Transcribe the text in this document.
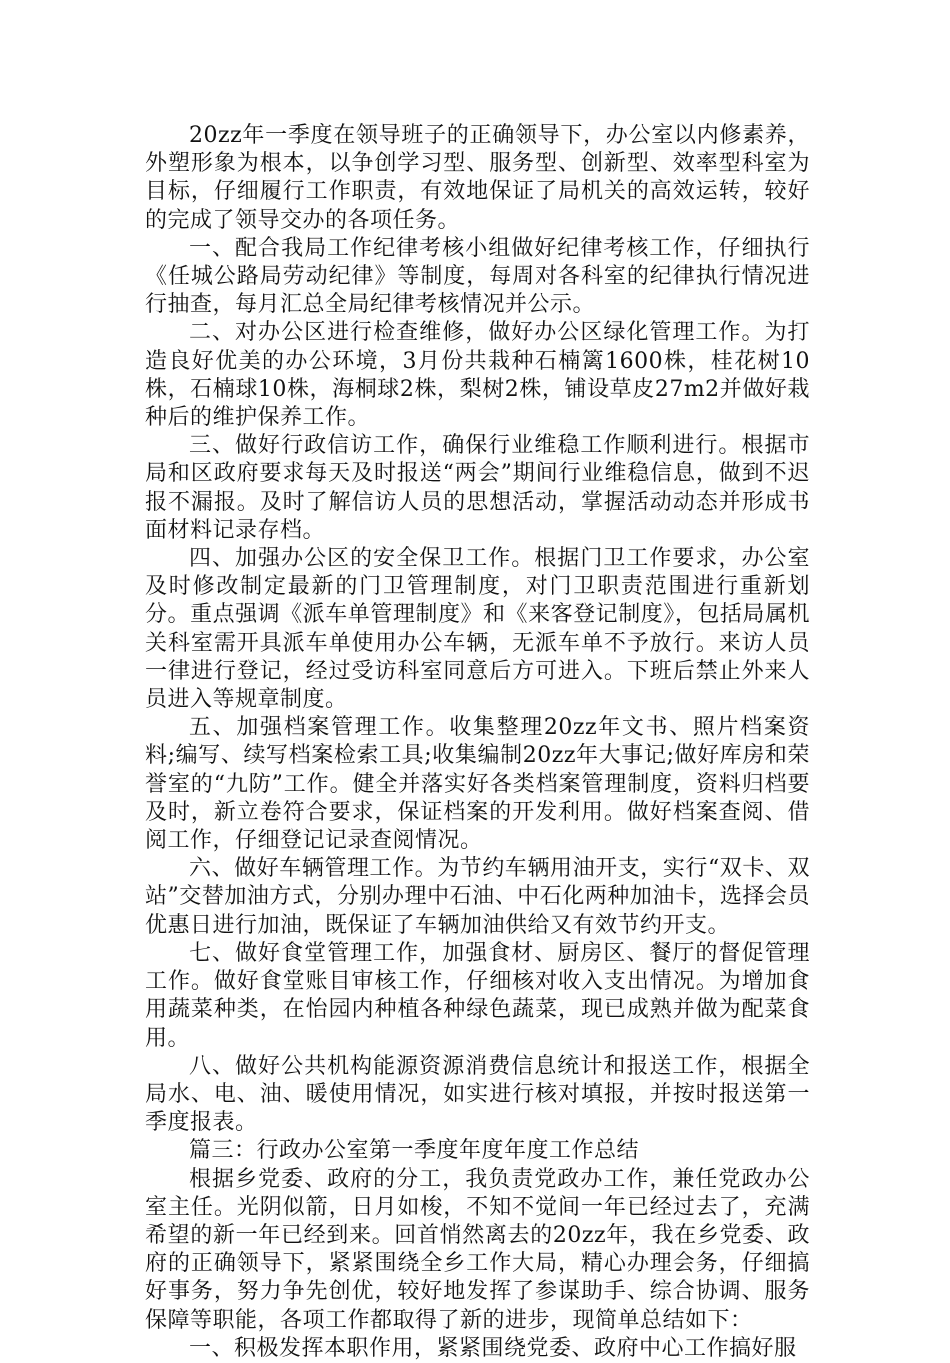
20zz年一季度在领导班子的正确领导下，办公室以内修素养，外塑形象为根本，以争创学习型、服务型、创新型、效率型科室为目标，仔细履行工作职责，有效地保证了局机关的高效运转，较好的完成了领导交办的各项任务。

一、配合我局工作纪律考核小组做好纪律考核工作，仔细执行《任城公路局劳动纪律》等制度，每周对各科室的纪律执行情况进行抽查，每月汇总全局纪律考核情况并公示。

二、对办公区进行检查维修，做好办公区绿化管理工作。为打造良好优美的办公环境，3月份共栽种石楠篱1600株，桂花树10株，石楠球10株，海桐球2株，梨树2株，铺设草皮27m2并做好栽种后的维护保养工作。

三、做好行政信访工作，确保行业维稳工作顺利进行。根据市局和区政府要求每天及时报送“两会”期间行业维稳信息，做到不迟报不漏报。及时了解信访人员的思想活动，掌握活动动态并形成书面材料记录存档。

四、加强办公区的安全保卫工作。根据门卫工作要求，办公室及时修改制定最新的门卫管理制度，对门卫职责范围进行重新划分。重点强调《派车单管理制度》和《来客登记制度》，包括局属机关科室需开具派车单使用办公车辆，无派车单不予放行。来访人员一律进行登记，经过受访科室同意后方可进入。下班后禁止外来人员进入等规章制度。

五、加强档案管理工作。收集整理20zz年文书、照片档案资料;编写、续写档案检索工具;收集编制20zz年大事记;做好库房和荣誉室的“九防”工作。健全并落实好各类档案管理制度，资料归档要及时，新立卷符合要求，保证档案的开发利用。做好档案查阅、借阅工作，仔细登记记录查阅情况。

六、做好车辆管理工作。为节约车辆用油开支，实行“双卡、双站”交替加油方式，分别办理中石油、中石化两种加油卡，选择会员优惠日进行加油，既保证了车辆加油供给又有效节约开支。

七、做好食堂管理工作，加强食材、厨房区、餐厅的督促管理工作。做好食堂账目审核工作，仔细核对收入支出情况。为增加食用蔬菜种类，在怡园内种植各种绿色蔬菜，现已成熟并做为配菜食用。

八、做好公共机构能源资源消费信息统计和报送工作，根据全局水、电、油、暖使用情况，如实进行核对填报，并按时报送第一季度报表。

篇三：行政办公室第一季度年度年度工作总结

根据乡党委、政府的分工，我负责党政办工作，兼任党政办公室主任。光阴似箭，日月如梭，不知不觉间一年已经过去了，充满希望的新一年已经到来。回首悄然离去的20zz年，我在乡党委、政府的正确领导下，紧紧围绕全乡工作大局，精心办理会务，仔细搞好事务，努力争先创优，较好地发挥了参谋助手、综合协调、服务保障等职能，各项工作都取得了新的进步，现简单总结如下：

一、积极发挥本职作用，紧紧围绕党委、政府中心工作搞好服
